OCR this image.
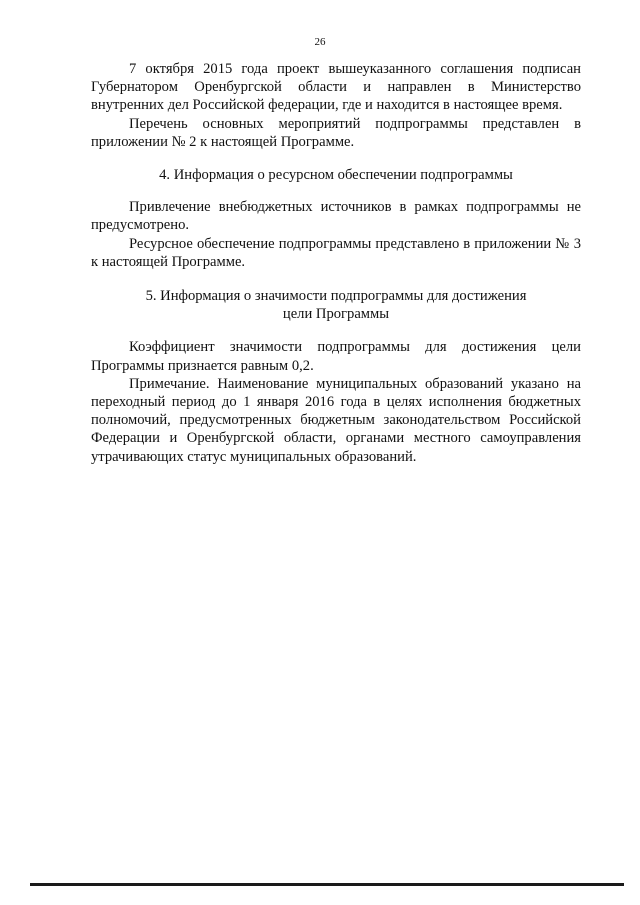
26

7 октября 2015 года проект вышеуказанного соглашения подписан Губернатором Оренбургской области и направлен в Министерство внутренних дел Российской федерации, где и находится в настоящее время.

Перечень основных мероприятий подпрограммы представлен в приложении № 2 к настоящей Программе.

4. Информация о ресурсном обеспечении подпрограммы

Привлечение внебюджетных источников в рамках подпрограммы не предусмотрено.

Ресурсное обеспечение подпрограммы представлено в приложении № 3 к настоящей Программе.

5. Информация о значимости подпрограммы для достижения
цели Программы

Коэффициент значимости подпрограммы для достижения цели Программы признается равным 0,2.

Примечание. Наименование муниципальных образований указано на переходный период до 1 января 2016 года в целях исполнения бюджетных полномочий, предусмотренных бюджетным законодательством Российской Федерации и Оренбургской области, органами местного самоуправления утрачивающих статус муниципальных образований.
